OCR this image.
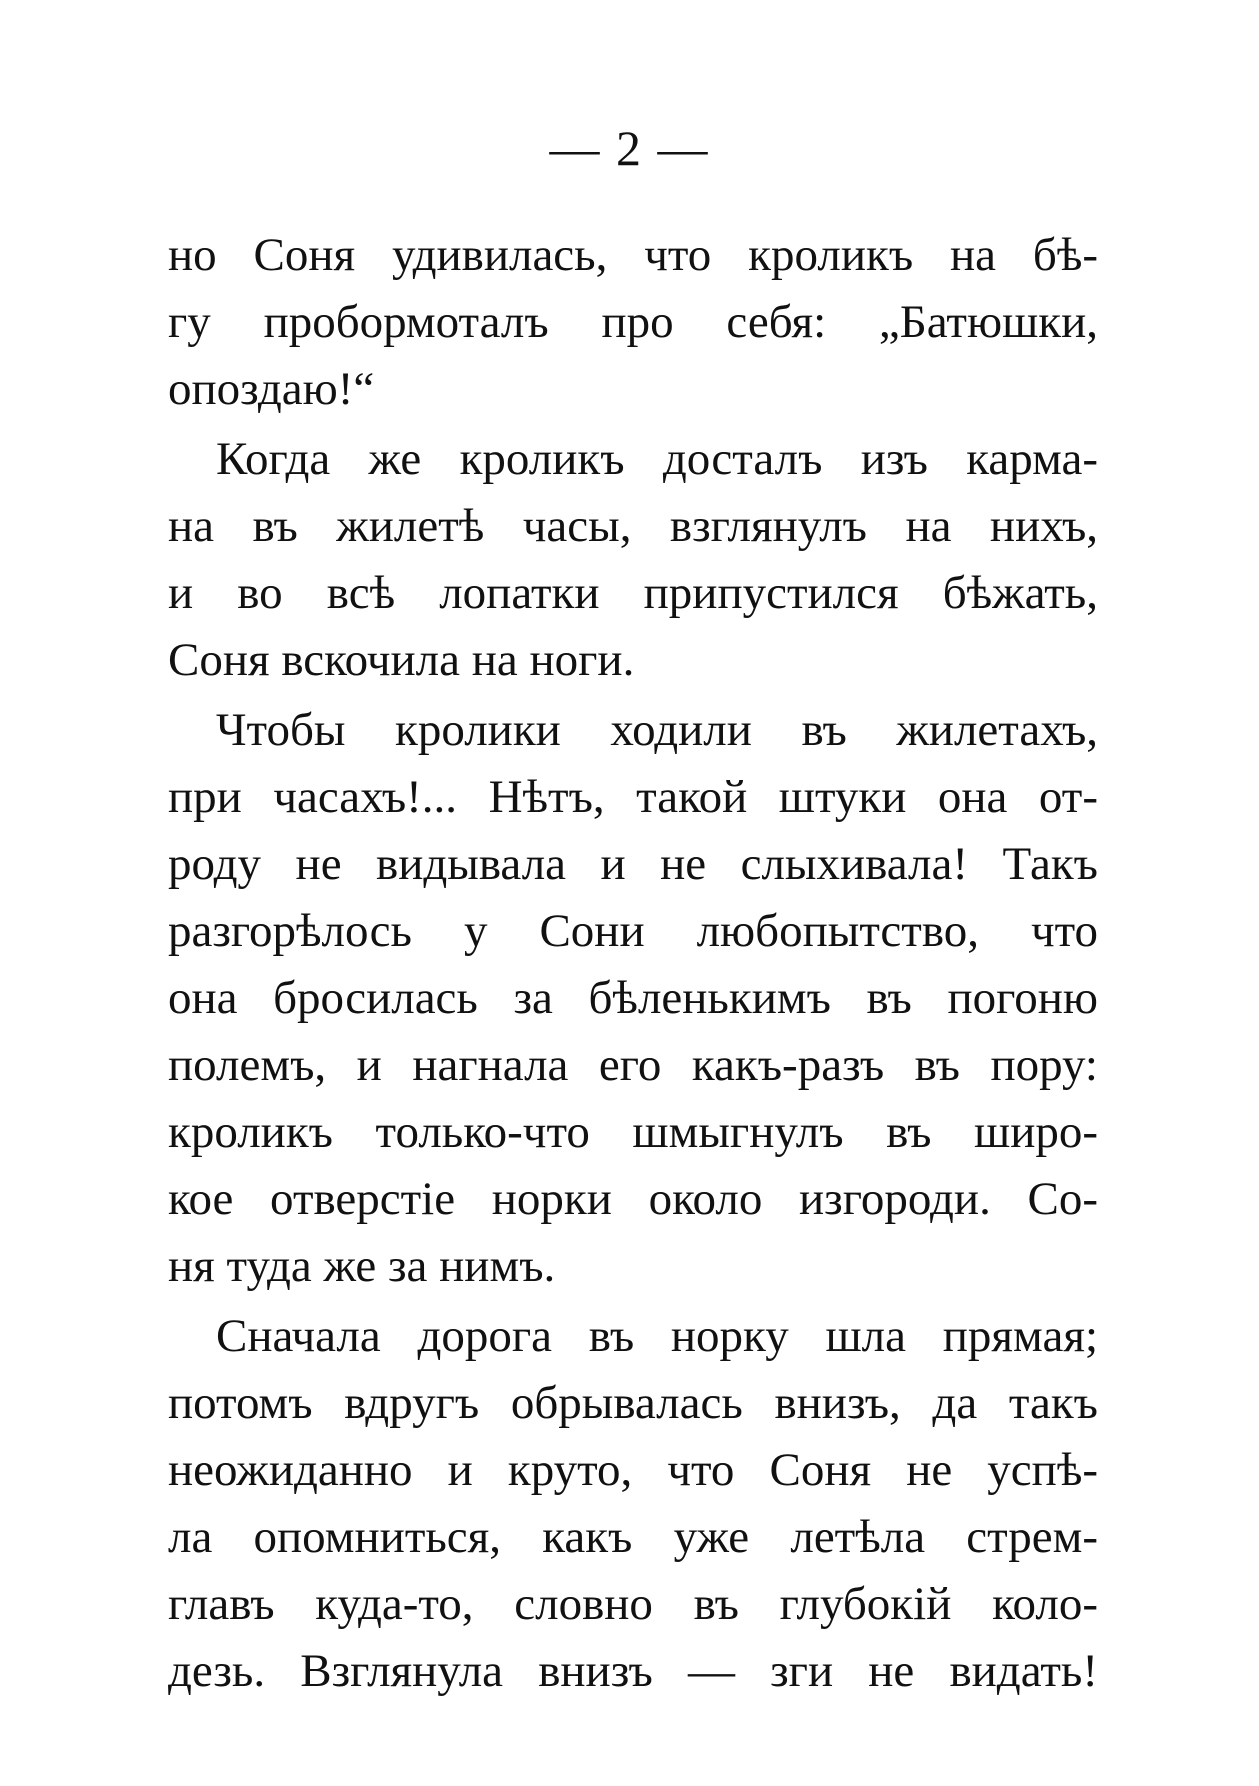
— 2 —
но Соня удивилась, что кроликъ на бѣ-
гу пробормоталъ про себя: „Батюшки,
опоздаю!“
Когда же кроликъ досталъ изъ карма-
на въ жилетѣ часы, взглянулъ на нихъ,
и во всѣ лопатки припустился бѣжать,
Соня вскочила на ноги.
Чтобы кролики ходили въ жилетахъ,
при часахъ!... Нѣтъ, такой штуки она от-
роду не видывала и не слыхивала! Такъ
разгорѣлось у Сони любопытство, что
она бросилась за бѣленькимъ въ погоню
полемъ, и нагнала его какъ-разъ въ пору:
кроликъ только-что шмыгнулъ въ широ-
кое отверстіе норки около изгороди. Со-
ня туда же за нимъ.
Сначала дорога въ норку шла прямая;
потомъ вдругъ обрывалась внизъ, да такъ
неожиданно и круто, что Соня не успѣ-
ла опомниться, какъ уже летѣла стрем-
главъ куда-то, словно въ глубокій коло-
дезь. Взглянула внизъ — зги не видать!
